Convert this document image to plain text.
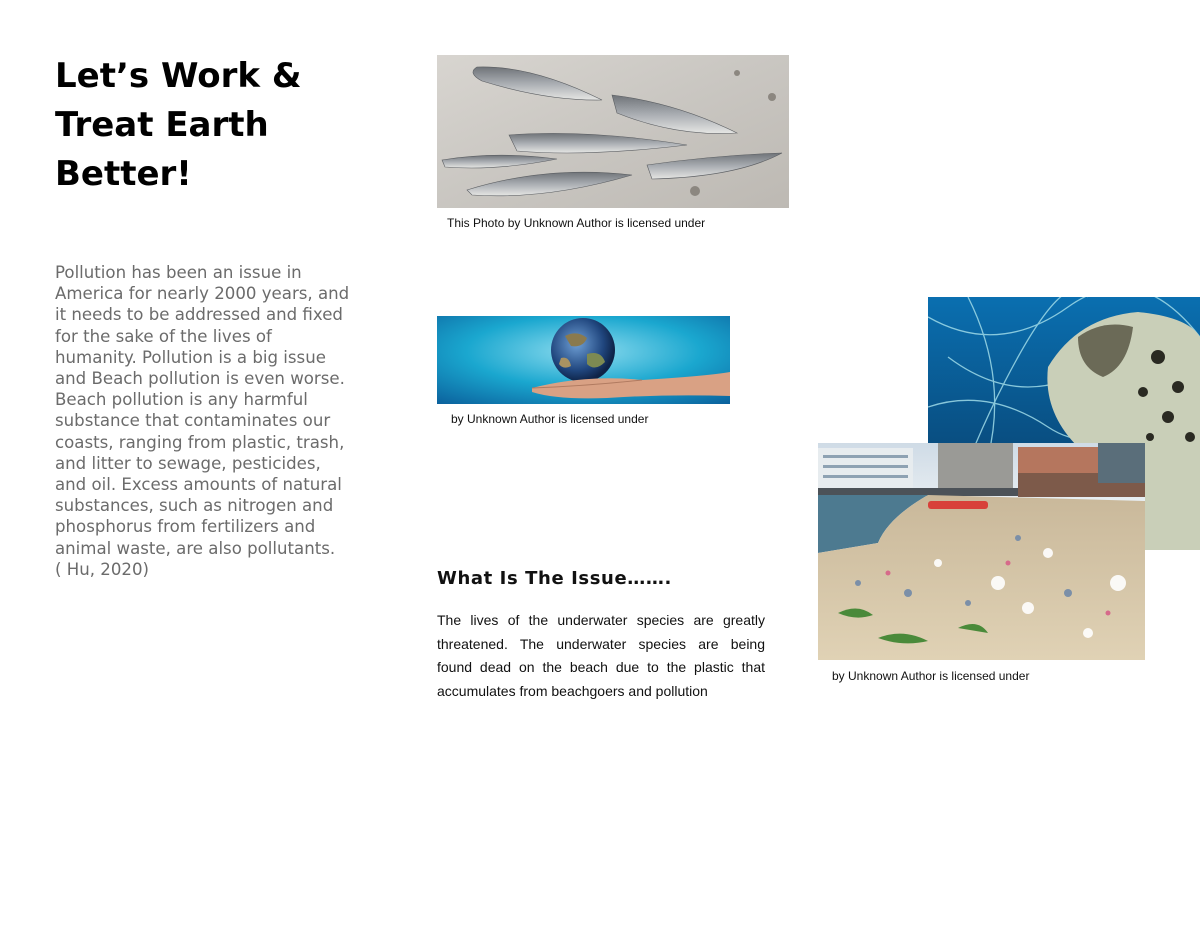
Let’s Work &
Treat Earth
Better!

Pollution has been an issue in
America for nearly 2000 years, and
it needs to be addressed and fixed
for the sake of the lives of
humanity. Pollution is a big issue
and Beach pollution is even worse.
Beach pollution is any harmful
substance that contaminates our
coasts, ranging from plastic, trash,
and litter to sewage, pesticides,
and oil. Excess amounts of natural
substances, such as nitrogen and
phosphorus from fertilizers and
animal waste, are also pollutants.
( Hu, 2020)

This Photo by Unknown Author is licensed under
by Unknown Author is licensed under
by Unknown Author is licensed under
What Is The Issue…….

The lives of the underwater species are greatly
threatened. The underwater species are being
found dead on the beach due to the plastic that
accumulates from beachgoers and pollution
